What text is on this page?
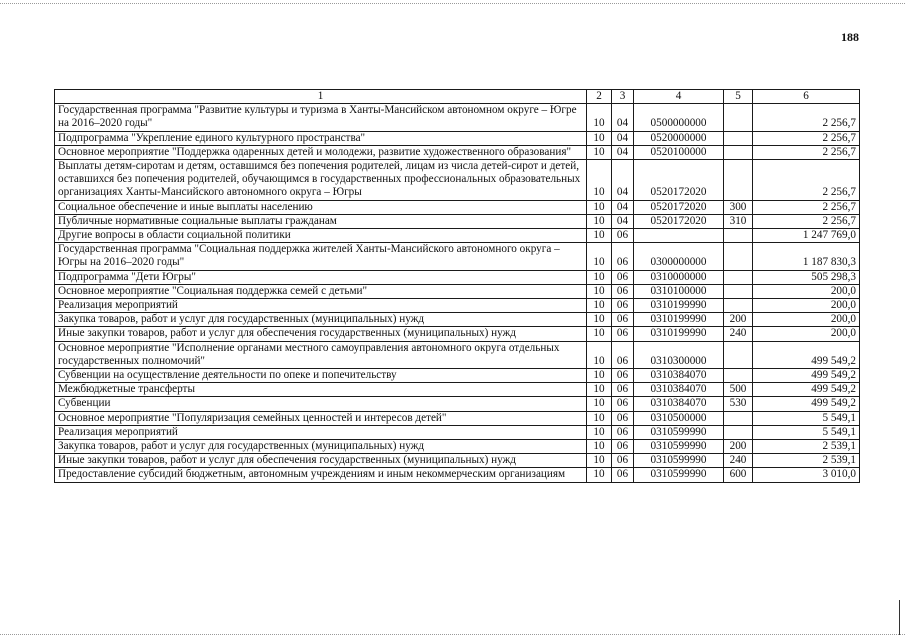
188
1	2	3	4	5	6
Государственная программа "Развитие культуры и туризма в Ханты-Мансийском автономном округе – Югре на 2016–2020 годы"	10	04	0500000000		2 256,7
Подпрограмма "Укрепление единого культурного пространства"	10	04	0520000000		2 256,7
Основное мероприятие "Поддержка одаренных детей и молодежи, развитие художественного образования"	10	04	0520100000		2 256,7
Выплаты детям-сиротам и детям, оставшимся без попечения родителей, лицам из числа детей-сирот и детей, оставшихся без попечения родителей, обучающимся в государственных профессиональных образовательных организациях Ханты-Мансийского автономного округа – Югры	10	04	0520172020		2 256,7
Социальное обеспечение и иные выплаты населению	10	04	0520172020	300	2 256,7
Публичные нормативные социальные выплаты гражданам	10	04	0520172020	310	2 256,7
Другие вопросы в области социальной политики	10	06			1 247 769,0
Государственная программа "Социальная поддержка жителей Ханты-Мансийского автономного округа – Югры на 2016–2020 годы"	10	06	0300000000		1 187 830,3
Подпрограмма "Дети Югры"	10	06	0310000000		505 298,3
Основное мероприятие "Социальная поддержка семей с детьми"	10	06	0310100000		200,0
Реализация мероприятий	10	06	0310199990		200,0
Закупка товаров, работ и услуг для государственных (муниципальных) нужд	10	06	0310199990	200	200,0
Иные закупки товаров, работ и услуг для обеспечения государственных (муниципальных) нужд	10	06	0310199990	240	200,0
Основное мероприятие "Исполнение органами местного самоуправления автономного округа отдельных государственных полномочий"	10	06	0310300000		499 549,2
Субвенции на осуществление деятельности по опеке и попечительству	10	06	0310384070		499 549,2
Межбюджетные трансферты	10	06	0310384070	500	499 549,2
Субвенции	10	06	0310384070	530	499 549,2
Основное мероприятие "Популяризация семейных ценностей и интересов детей"	10	06	0310500000		5 549,1
Реализация мероприятий	10	06	0310599990		5 549,1
Закупка товаров, работ и услуг для государственных (муниципальных) нужд	10	06	0310599990	200	2 539,1
Иные закупки товаров, работ и услуг для обеспечения государственных (муниципальных) нужд	10	06	0310599990	240	2 539,1
Предоставление субсидий бюджетным, автономным учреждениям и иным некоммерческим организациям	10	06	0310599990	600	3 010,0
